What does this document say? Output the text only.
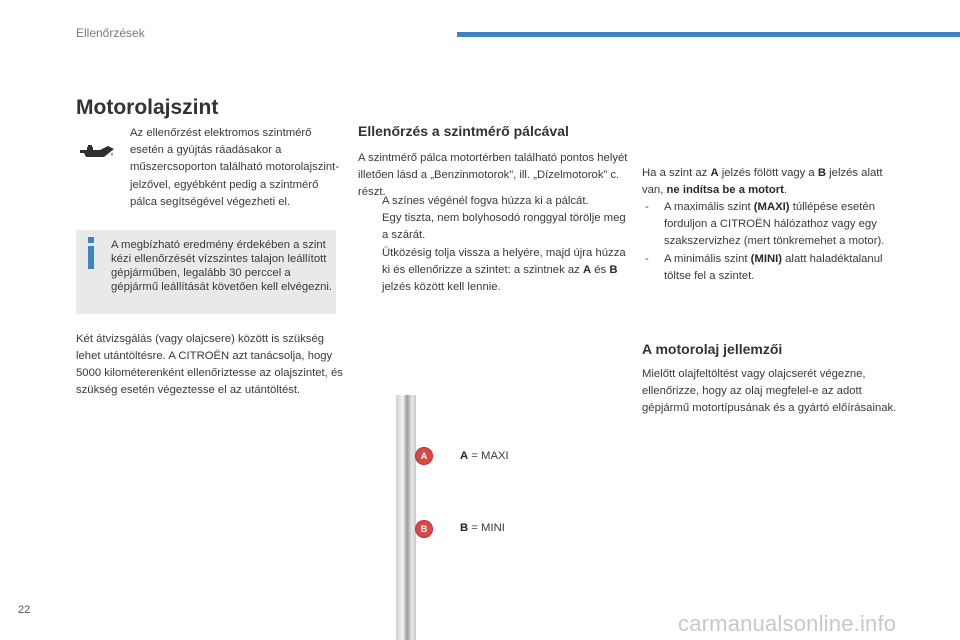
Ellenőrzések
Motorolajszint
Az ellenőrzést elektromos szintmérő esetén a gyújtás ráadásakor a műszercsoporton található motorolajszint-jelzővel, egyébként pedig a szintmérő pálca segítségével végezheti el.
A megbízható eredmény érdekében a szint kézi ellenőrzését vízszintes talajon leállított gépjárműben, legalább 30 perccel a gépjármű leállítását követően kell elvégezni.
Két átvizsgálás (vagy olajcsere) között is szükség lehet utántöltésre. A CITROËN azt tanácsolja, hogy 5000 kilométerenként ellenőriztesse az olajszintet, és szükség esetén végeztesse el az utántöltést.
Ellenőrzés a szintmérő pálcával
A szintmérő pálca motortérben található pontos helyét illetően lásd a „Benzinmotorok”, ill. „Dízelmotorok” c. részt.
A színes végénél fogva húzza ki a pálcát.
Egy tiszta, nem bolyhosodó ronggyal törölje meg a szárát.
Ütközésig tolja vissza a helyére, majd újra húzza ki és ellenőrizze a szintet: a szintnek az A és B jelzés között kell lennie.
Ha a szint az A jelzés fölött vagy a B jelzés alatt van, ne indítsa be a motort.
- A maximális szint (MAXI) túllépése esetén forduljon a CITROËN hálózathoz vagy egy szakszervizhez (mert tönkremehet a motor).
- A minimális szint (MINI) alatt haladéktalanul töltse fel a szintet.
A motorolaj jellemzői
Mielőtt olajfeltöltést vagy olajcserét végezne, ellenőrizze, hogy az olaj megfelel-e az adott gépjármű motortípusának és a gyártó előírásainak.
A
B
A = MAXI
B = MINI
22
carmanualsonline.info
